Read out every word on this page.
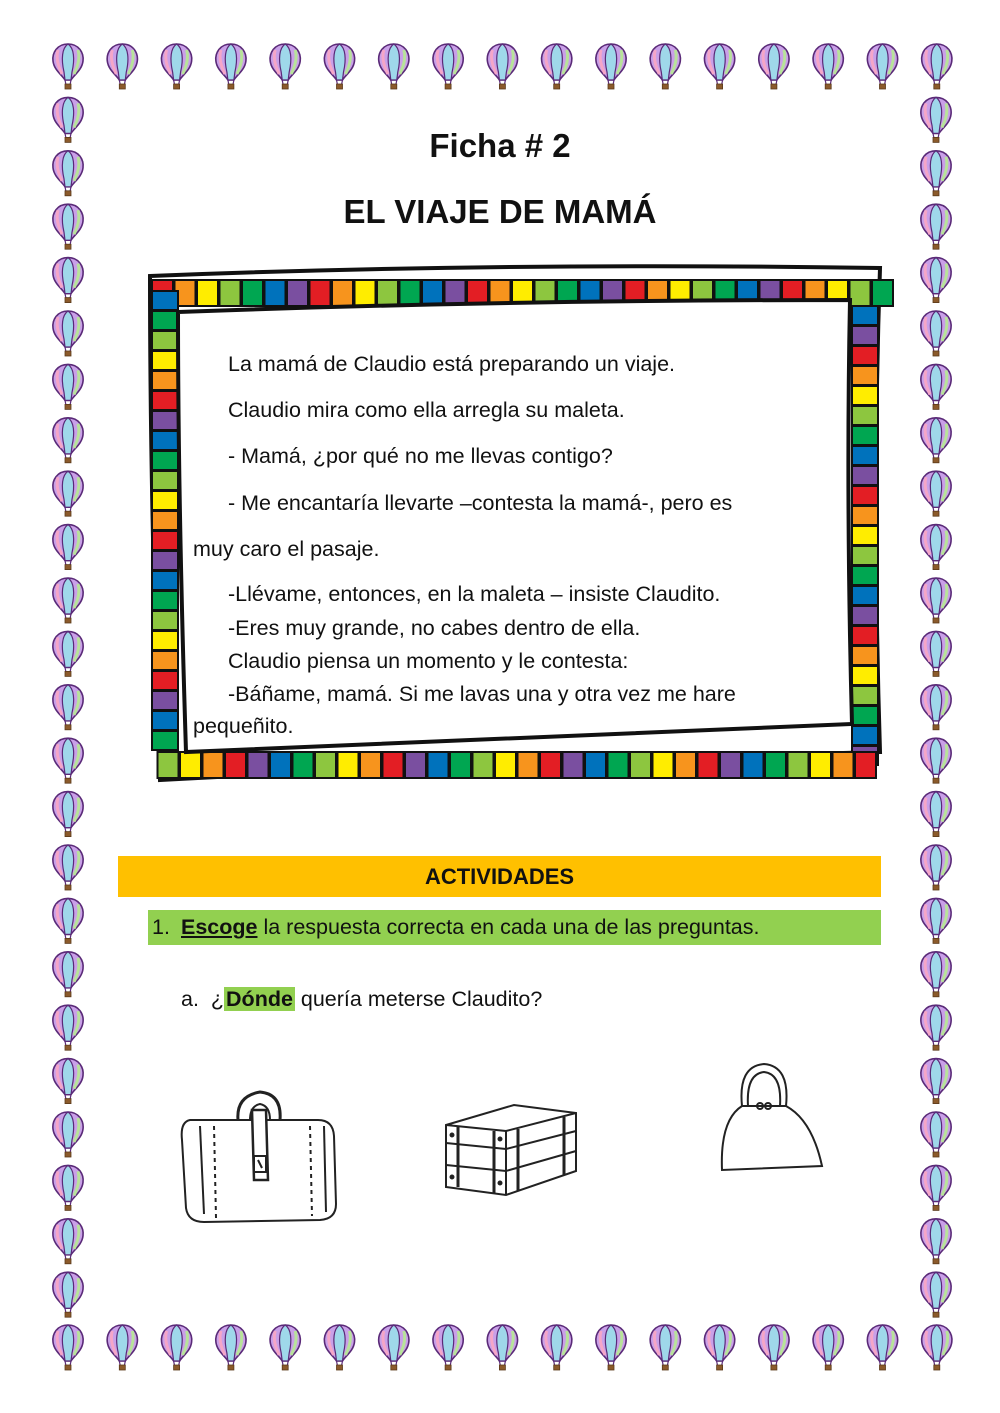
Ficha # 2
EL VIAJE DE MAMÁ
La mamá de Claudio está preparando un viaje.
Claudio mira como ella arregla su maleta.
- Mamá, ¿por qué no me llevas contigo?
- Me encantaría llevarte –contesta la mamá-, pero es
muy caro el pasaje.
-Llévame, entonces, en la maleta – insiste Claudito.
-Eres muy grande, no cabes dentro de ella.
Claudio piensa un momento y le contesta:
-Báñame, mamá. Si me lavas una y otra vez me hare
pequeñito.
ACTIVIDADES
1. Escoge la respuesta correcta en cada una de las preguntas.
a. ¿Dónde quería meterse Claudito?
